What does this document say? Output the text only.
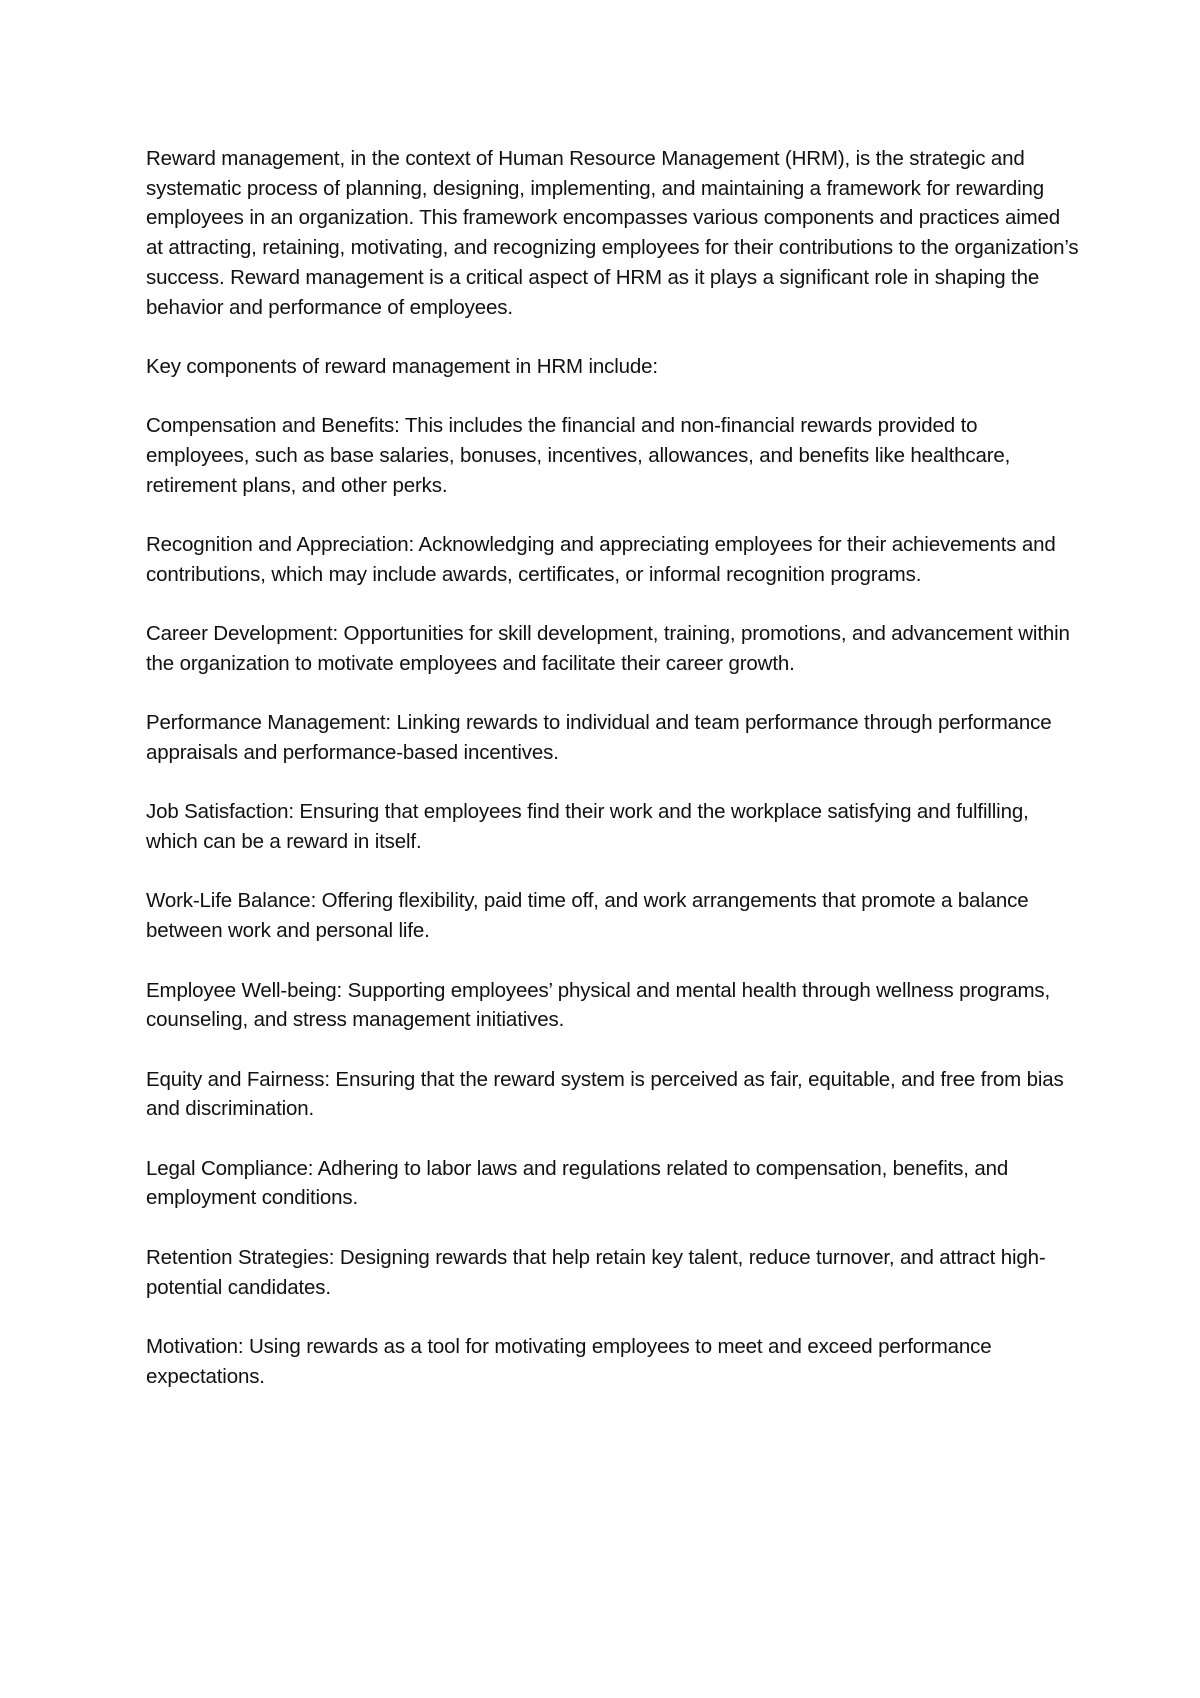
Reward management, in the context of Human Resource Management (HRM), is the strategic and systematic process of planning, designing, implementing, and maintaining a framework for rewarding employees in an organization. This framework encompasses various components and practices aimed at attracting, retaining, motivating, and recognizing employees for their contributions to the organization’s success. Reward management is a critical aspect of HRM as it plays a significant role in shaping the behavior and performance of employees.

Key components of reward management in HRM include:

Compensation and Benefits: This includes the financial and non-financial rewards provided to employees, such as base salaries, bonuses, incentives, allowances, and benefits like healthcare, retirement plans, and other perks.

Recognition and Appreciation: Acknowledging and appreciating employees for their achievements and contributions, which may include awards, certificates, or informal recognition programs.

Career Development: Opportunities for skill development, training, promotions, and advancement within the organization to motivate employees and facilitate their career growth.

Performance Management: Linking rewards to individual and team performance through performance appraisals and performance-based incentives.

Job Satisfaction: Ensuring that employees find their work and the workplace satisfying and fulfilling, which can be a reward in itself.

Work-Life Balance: Offering flexibility, paid time off, and work arrangements that promote a balance between work and personal life.

Employee Well-being: Supporting employees’ physical and mental health through wellness programs, counseling, and stress management initiatives.

Equity and Fairness: Ensuring that the reward system is perceived as fair, equitable, and free from bias and discrimination.

Legal Compliance: Adhering to labor laws and regulations related to compensation, benefits, and employment conditions.

Retention Strategies: Designing rewards that help retain key talent, reduce turnover, and attract high-potential candidates.

Motivation: Using rewards as a tool for motivating employees to meet and exceed performance expectations.
